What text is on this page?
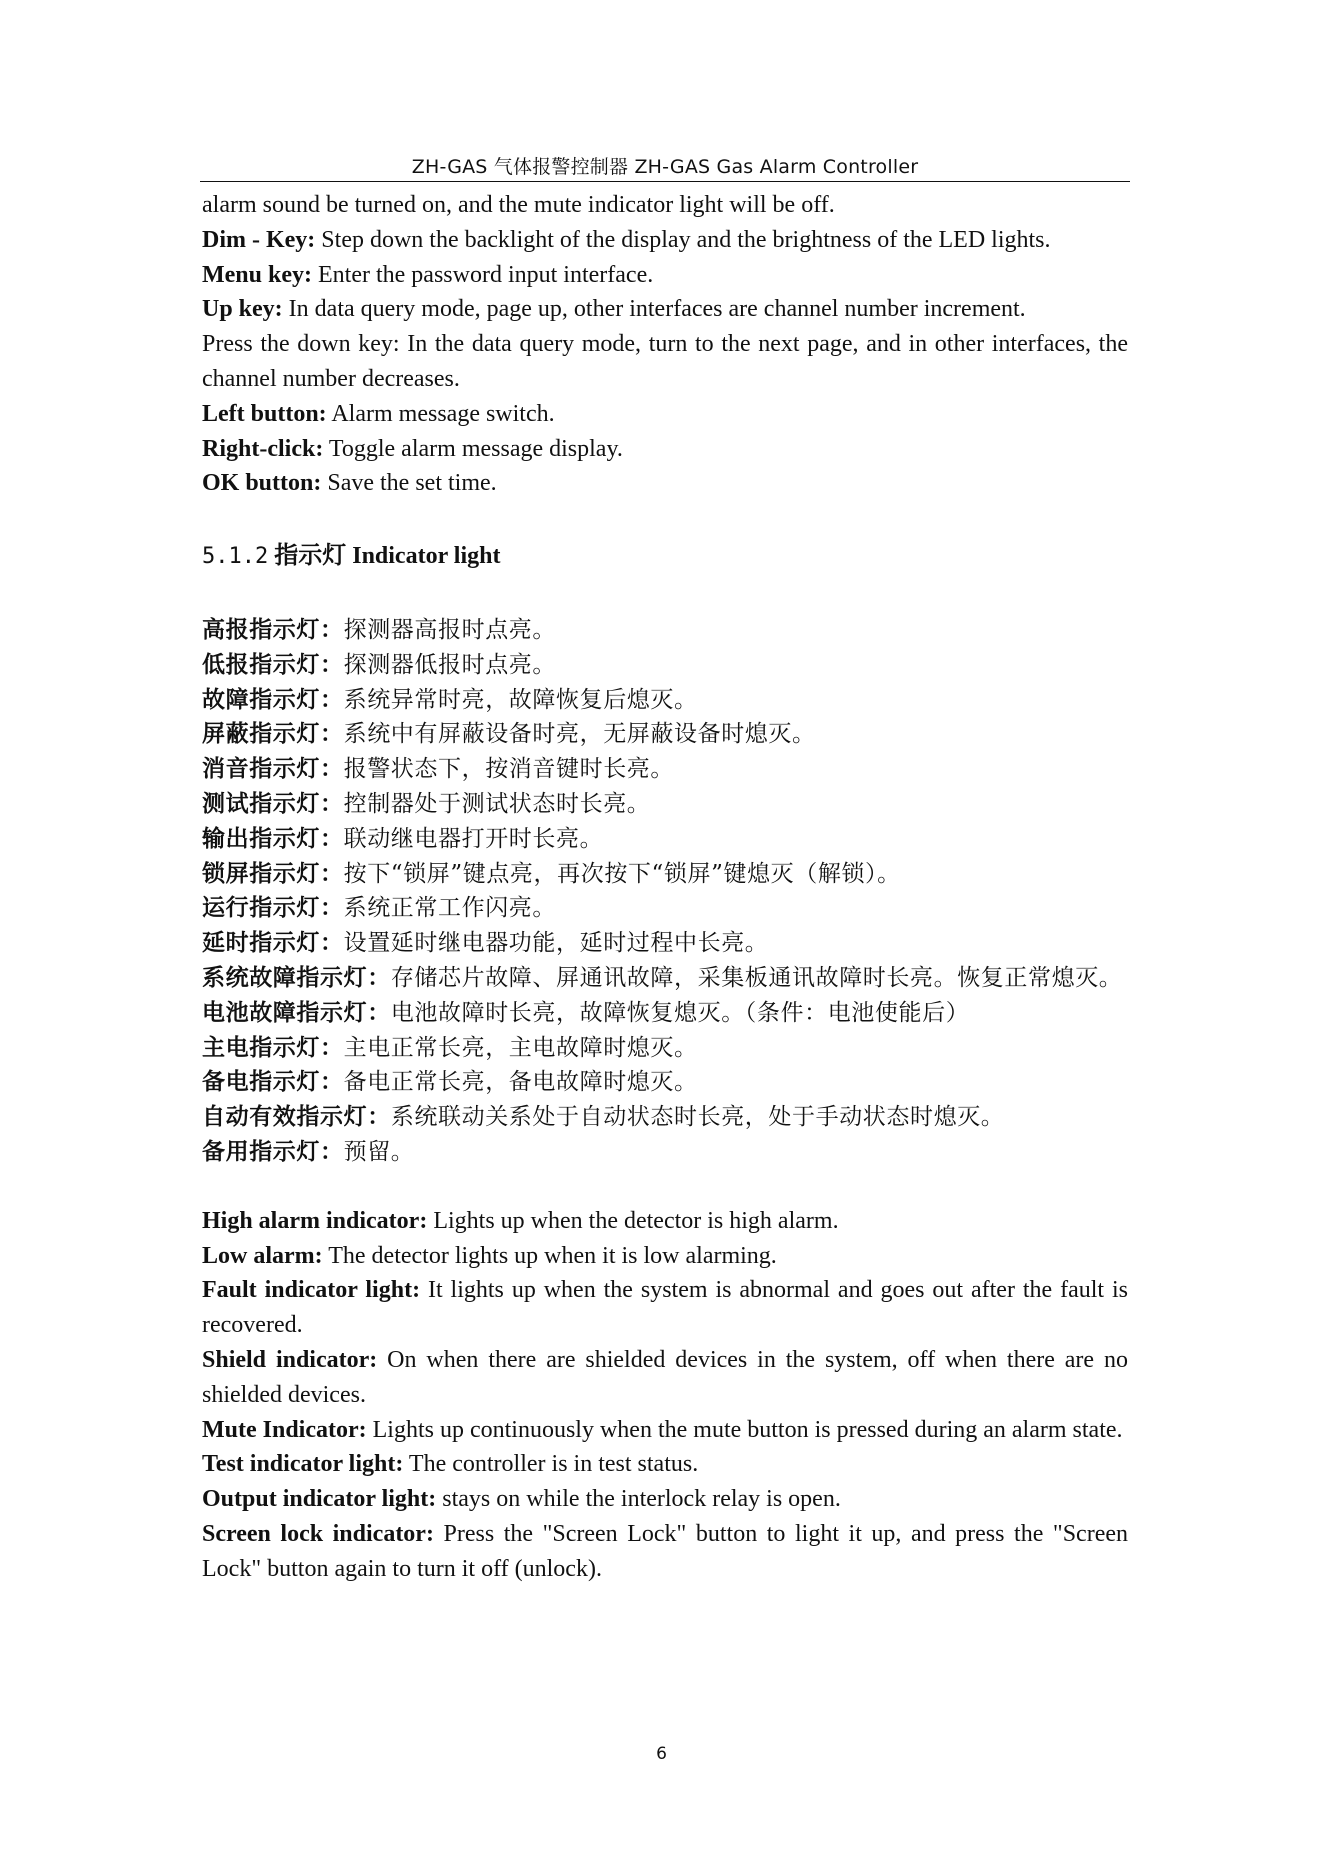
ZH-GAS 气体报警控制器 ZH-GAS Gas Alarm Controller

alarm sound be turned on, and the mute indicator light will be off.

Dim - Key: Step down the backlight of the display and the brightness of the LED lights.

Menu key: Enter the password input interface.

Up key: In data query mode, page up, other interfaces are channel number increment.

Press the down key: In the data query mode, turn to the next page, and in other interfaces, the channel number decreases.

Left button: Alarm message switch.

Right-click: Toggle alarm message display.

OK button: Save the set time.

5.1.2 指示灯 Indicator light

高报指示灯：探测器高报时点亮。

低报指示灯：探测器低报时点亮。

故障指示灯：系统异常时亮，故障恢复后熄灭。

屏蔽指示灯：系统中有屏蔽设备时亮，无屏蔽设备时熄灭。

消音指示灯：报警状态下，按消音键时长亮。

测试指示灯：控制器处于测试状态时长亮。

输出指示灯：联动继电器打开时长亮。

锁屏指示灯：按下“锁屏”键点亮，再次按下“锁屏”键熄灭（解锁）。

运行指示灯：系统正常工作闪亮。

延时指示灯：设置延时继电器功能，延时过程中长亮。

系统故障指示灯：存储芯片故障、屏通讯故障，采集板通讯故障时长亮。恢复正常熄灭。

电池故障指示灯：电池故障时长亮，故障恢复熄灭。（条件：电池使能后）

主电指示灯：主电正常长亮，主电故障时熄灭。

备电指示灯：备电正常长亮，备电故障时熄灭。

自动有效指示灯：系统联动关系处于自动状态时长亮，处于手动状态时熄灭。

备用指示灯：预留。

High alarm indicator: Lights up when the detector is high alarm.

Low alarm: The detector lights up when it is low alarming.

Fault indicator light: It lights up when the system is abnormal and goes out after the fault is recovered.

Shield indicator: On when there are shielded devices in the system, off when there are no shielded devices.

Mute Indicator: Lights up continuously when the mute button is pressed during an alarm state.

Test indicator light: The controller is in test status.

Output indicator light: stays on while the interlock relay is open.

Screen lock indicator: Press the "Screen Lock" button to light it up, and press the "Screen Lock" button again to turn it off (unlock).

6
